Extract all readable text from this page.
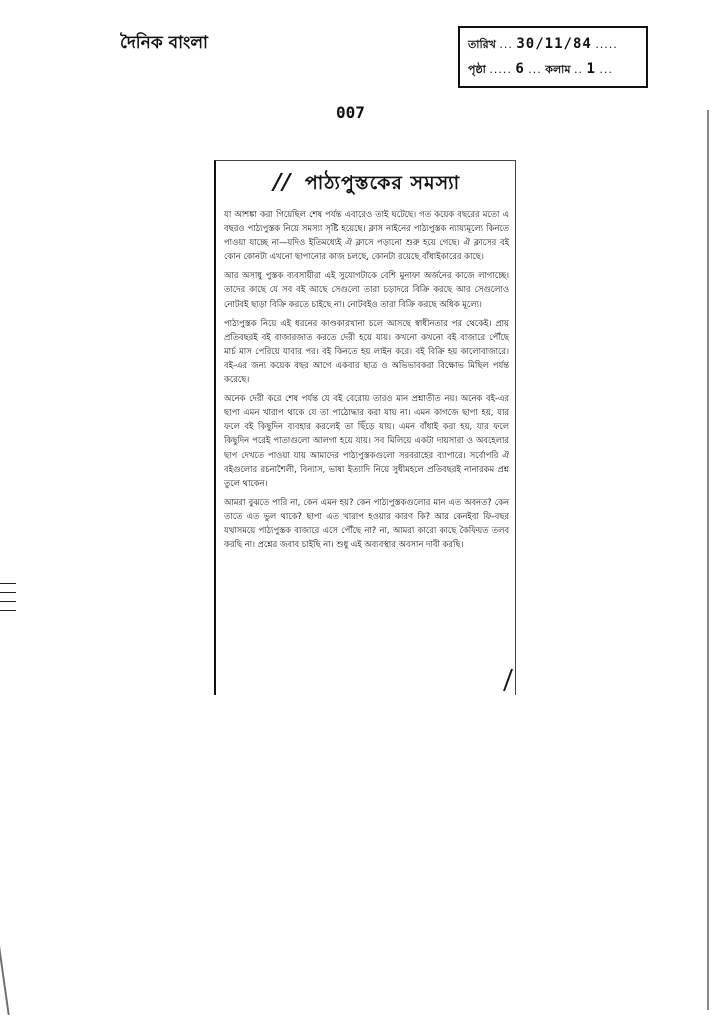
দৈনিক বাংলা	তারিখ ... 30/11/84 .....
পৃষ্ঠা ..... 6 ... কলাম .. 1 ...
007
// পাঠ্যপুস্তকের সমস্যা

যা আশঙ্কা করা গিয়েছিল শেষ পর্যন্ত এবারেও তাই ঘটেছে। গত কয়েক বছরের মতো এ বছরও পাঠ্যপুস্তক নিয়ে সমস্যা সৃষ্টি হয়েছে। ক্লাস নাইনের পাঠ্যপুস্তক ন্যায্যমূল্যে কিনতে পাওয়া যাচ্ছে না—যদিও ইতিমধ্যেই ঐ ক্লাসে পড়ানো শুরু হয়ে গেছে। ঐ ক্লাসের বই কোন কোনটা এখনো ছাপানোর কাজ চলছে, কোনটা রয়েছে বাঁধাইকারের কাছে।

আর অসাধু পুস্তক ব্যবসায়ীরা এই সুযোগটাকে বেশি মুনাফা অর্জনের কাজে লাগাচ্ছে। তাদের কাছে যে সব বই আছে সেগুলো তারা চড়াদরে বিক্রি করছে আর সেগুলোও নোটবই ছাড়া বিক্রি করতে চাইছে না। নোটবইও তারা বিক্রি করছে অধিক মূল্যে।

পাঠ্যপুস্তক নিয়ে এই ধরনের কাণ্ডকারখানা চলে আসছে স্বাধীনতার পর থেকেই। প্রায় প্রতিবছরই বই বাজারজাত করতে দেরী হয়ে যায়। কখনো কখনো বই বাজারে পৌঁছে মার্চ মাস পেরিয়ে যাবার পর। বই কিনতে হয় লাইন করে। বই বিক্রি হয় কালোবাজারে। বই-এর জন্য কয়েক বছর আগে একবার ছাত্র ও অভিভাবকরা বিক্ষোভ মিছিল পর্যন্ত করেছে।

অনেক দেরী করে শেষ পর্যন্ত যে বই বেরোয় তারও মান প্রশ্নাতীত নয়। অনেক বই-এর ছাপা এমন খারাপ থাকে যে তা পাঠোদ্ধার করা যায় না। এমন কাগজে ছাপা হয়, যার ফলে বই কিছুদিন ব্যবহার করলেই তা ছিঁড়ে যায়। এমন বাঁধাই করা হয়, যার ফলে কিছুদিন পরেই পাতাগুলো আলগা হয়ে যায়। সব মিলিয়ে একটা দায়সারা ও অবহেলার ছাপ দেখতে পাওয়া যায় আমাদের পাঠ্যপুস্তকগুলো সরবরাহের ব্যাপারে। সর্বোপরি ঐ বইগুলোর রচনাশৈলী, বিন্যাস, ভাষা ইত্যাদি নিয়ে সুধীমহলে প্রতিবছরই নানারকম প্রশ্ন তুলে থাকেন।

আমরা বুঝতে পারি না, কেন এমন হয়? কেন পাঠ্যপুস্তকগুলোর মান এত অবনত? কেন তাতে এত ভুল থাকে? ছাপা এত খারাপ হওয়ার কারণ কি? আর কেনইবা ফি-বছর যথাসময়ে পাঠ্যপুস্তক বাজারে এসে পৌঁছে না? না, আমরা কারো কাছে কৈফিয়ত তলব করছি না। প্রশ্নের জবাব চাইছি না। শুধু এই অব্যবস্থার অবসান দাবী করছি।
